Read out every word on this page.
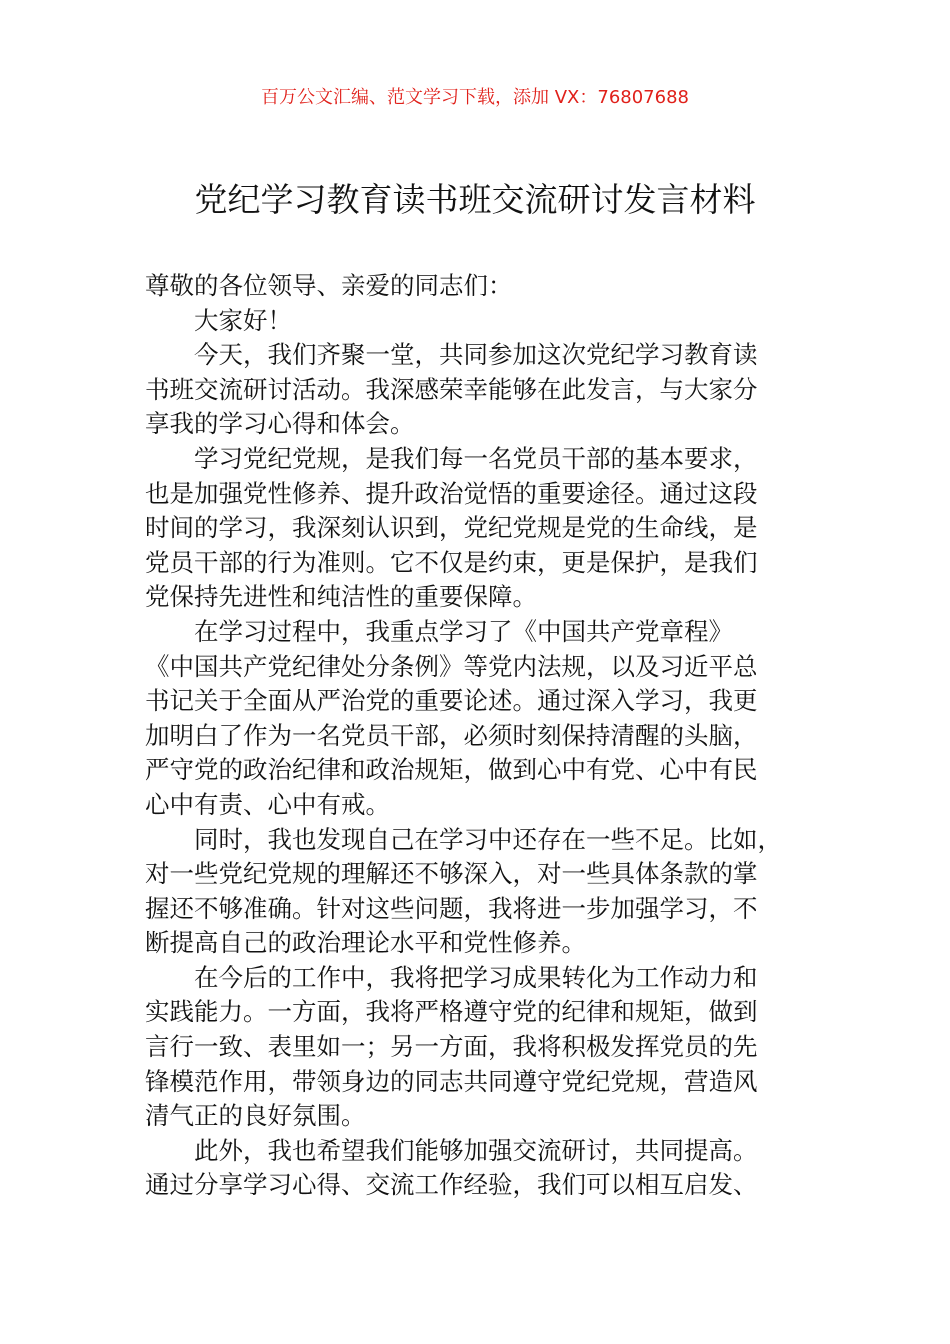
百万公文汇编、范文学习下载，添加 VX：76807688
党纪学习教育读书班交流研讨发言材料
尊敬的各位领导、亲爱的同志们：
大家好！
今天，我们齐聚一堂，共同参加这次党纪学习教育读
书班交流研讨活动。我深感荣幸能够在此发言，与大家分
享我的学习心得和体会。
学习党纪党规，是我们每一名党员干部的基本要求，
也是加强党性修养、提升政治觉悟的重要途径。通过这段
时间的学习，我深刻认识到，党纪党规是党的生命线，是
党员干部的行为准则。它不仅是约束，更是保护，是我们
党保持先进性和纯洁性的重要保障。
在学习过程中，我重点学习了《中国共产党章程》
《中国共产党纪律处分条例》等党内法规，以及习近平总
书记关于全面从严治党的重要论述。通过深入学习，我更
加明白了作为一名党员干部，必须时刻保持清醒的头脑，
严守党的政治纪律和政治规矩，做到心中有党、心中有民
心中有责、心中有戒。
同时，我也发现自己在学习中还存在一些不足。比如，
对一些党纪党规的理解还不够深入，对一些具体条款的掌
握还不够准确。针对这些问题，我将进一步加强学习，不
断提高自己的政治理论水平和党性修养。
在今后的工作中，我将把学习成果转化为工作动力和
实践能力。一方面，我将严格遵守党的纪律和规矩，做到
言行一致、表里如一；另一方面，我将积极发挥党员的先
锋模范作用，带领身边的同志共同遵守党纪党规，营造风
清气正的良好氛围。
此外，我也希望我们能够加强交流研讨，共同提高。
通过分享学习心得、交流工作经验，我们可以相互启发、
